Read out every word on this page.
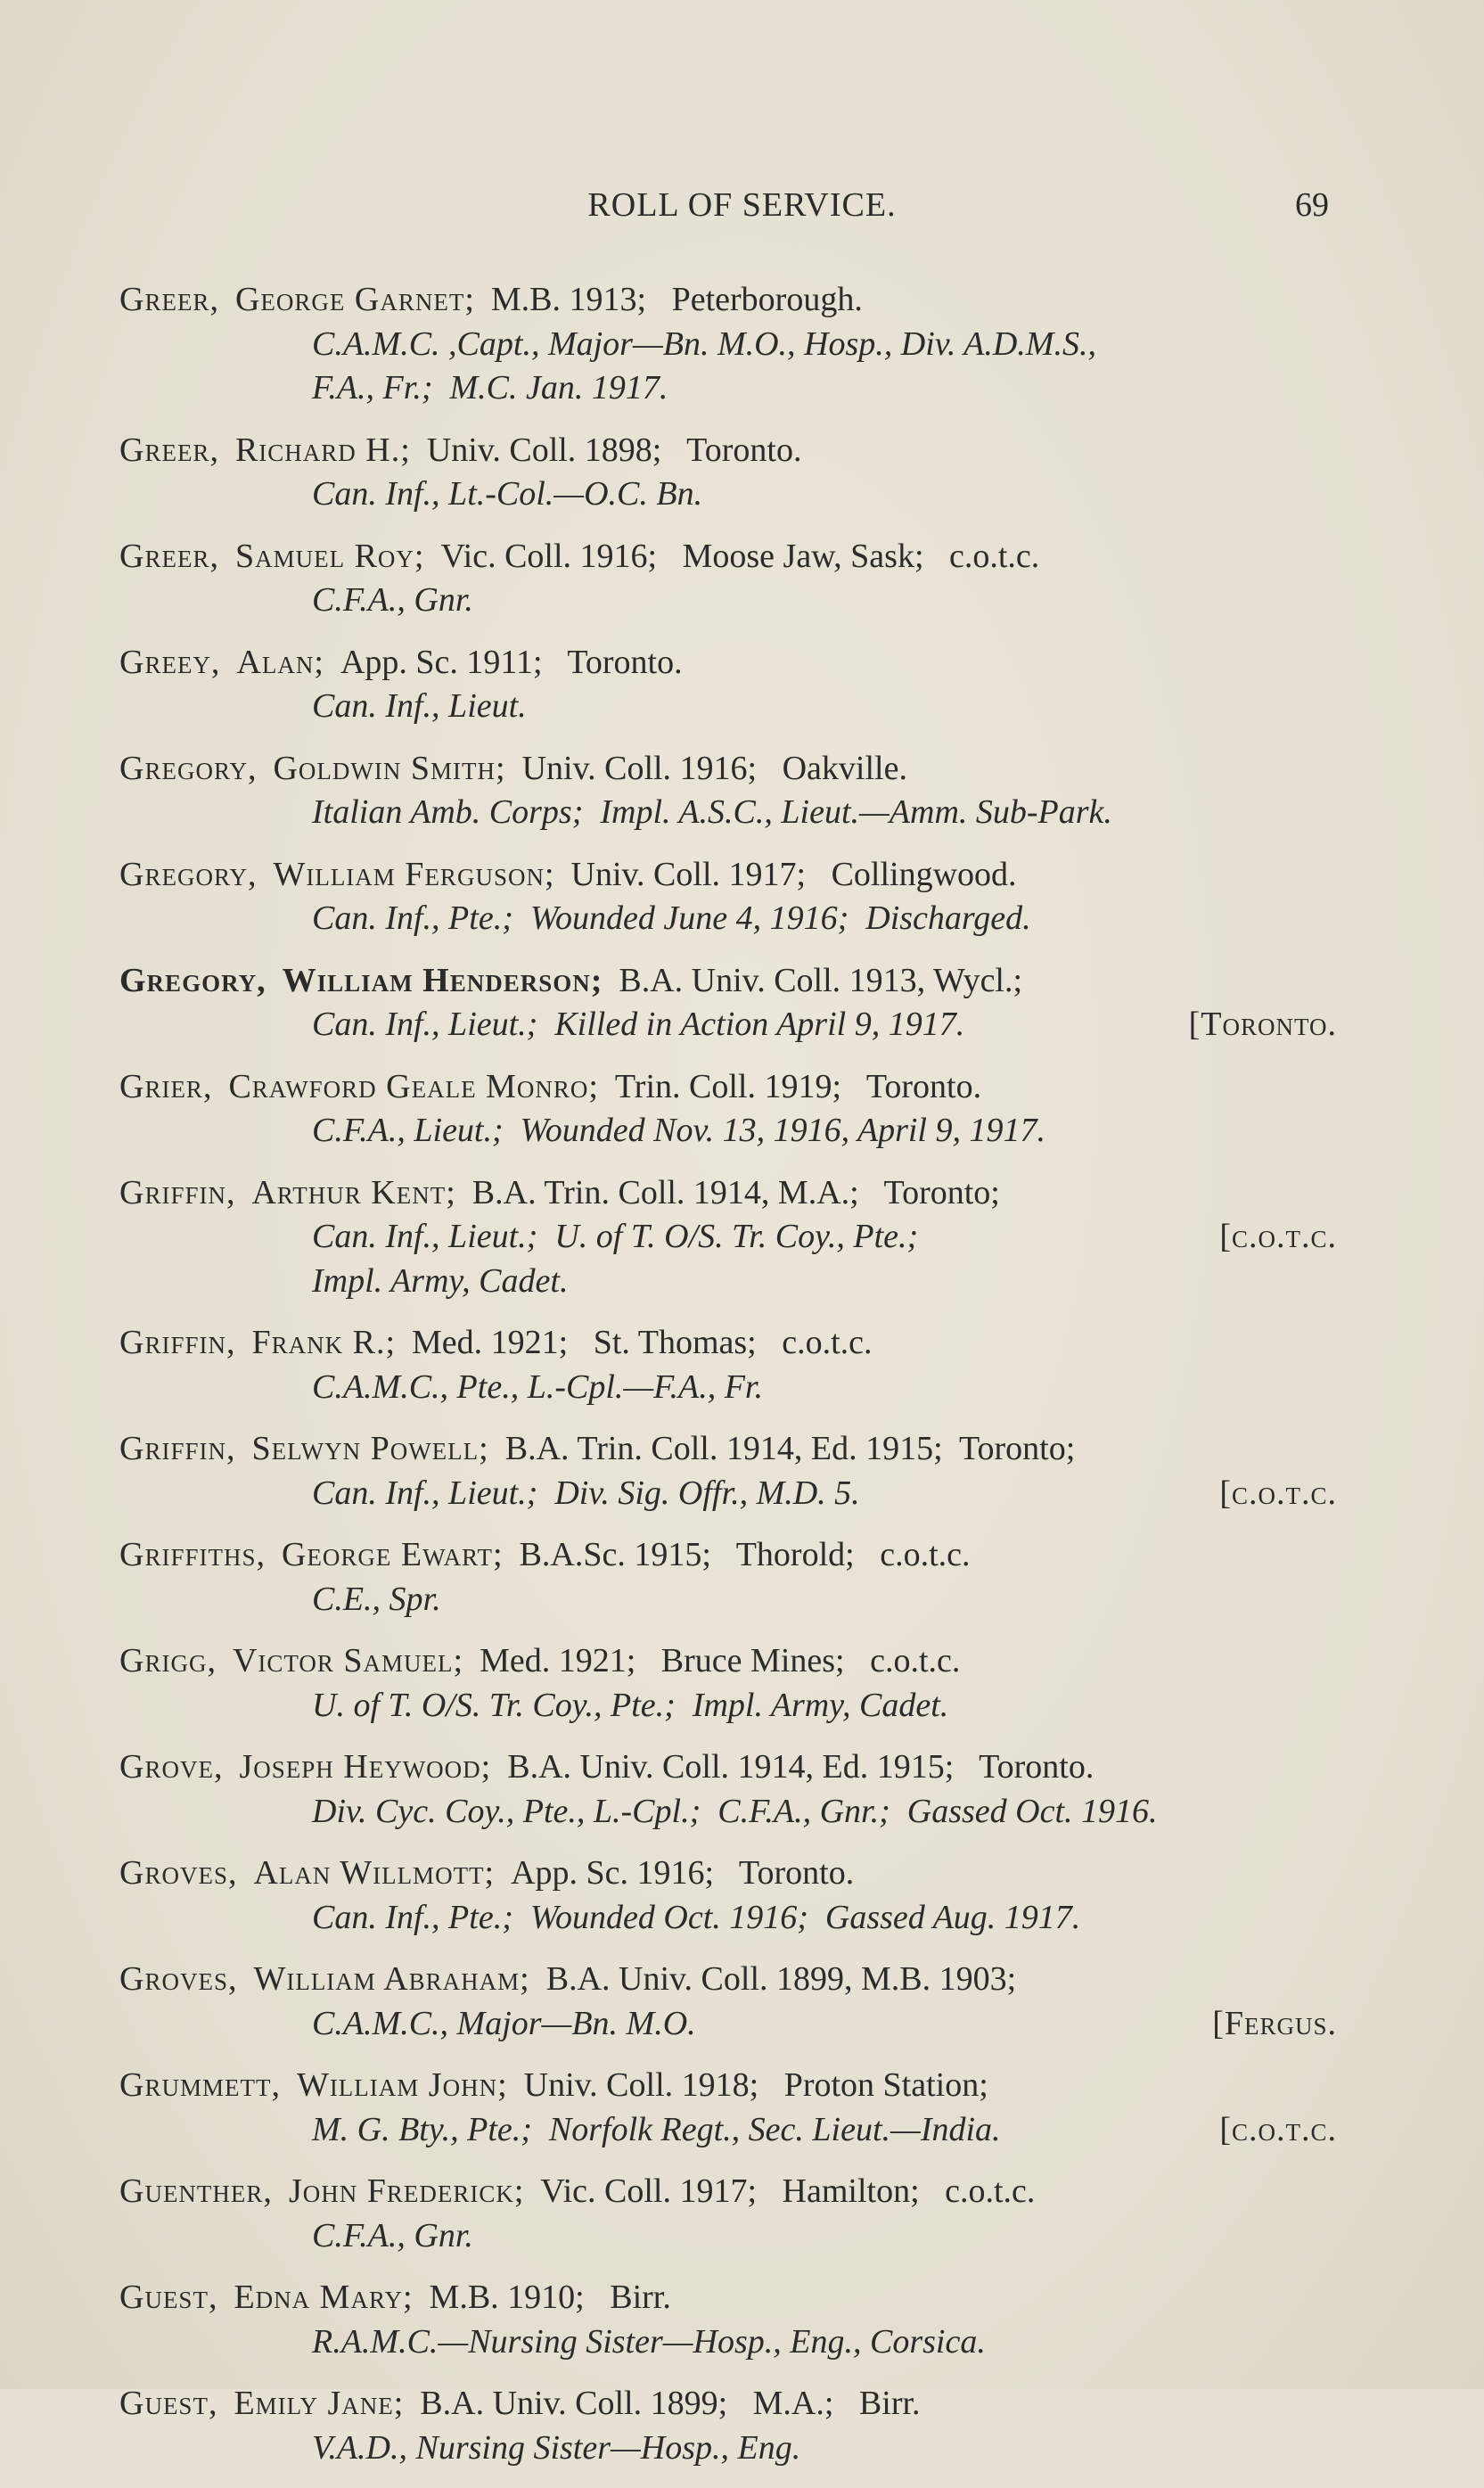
ROLL OF SERVICE.	69
Greer, George Garnet; M.B. 1913;   Peterborough.
C.A.M.C. ,Capt., Major—Bn. M.O., Hosp., Div. A.D.M.S.,
F.A., Fr.;  M.C. Jan. 1917.
Greer, Richard H.; Univ. Coll. 1898;   Toronto.
Can. Inf., Lt.-Col.—O.C. Bn.
Greer, Samuel Roy; Vic. Coll. 1916;   Moose Jaw, Sask;   c.o.t.c.
C.F.A., Gnr.
Greey, Alan; App. Sc. 1911;   Toronto.
Can. Inf., Lieut.
Gregory, Goldwin Smith; Univ. Coll. 1916;   Oakville.
Italian Amb. Corps;  Impl. A.S.C., Lieut.—Amm. Sub-Park.
Gregory, William Ferguson; Univ. Coll. 1917;   Collingwood.
Can. Inf., Pte.;  Wounded June 4, 1916;  Discharged.
Gregory, William Henderson; B.A. Univ. Coll. 1913, Wycl.;
Can. Inf., Lieut.;  Killed in Action April 9, 1917.	[Toronto.
Grier, Crawford Geale Monro; Trin. Coll. 1919;   Toronto.
C.F.A., Lieut.;  Wounded Nov. 13, 1916, April 9, 1917.
Griffin, Arthur Kent; B.A. Trin. Coll. 1914, M.A.;   Toronto;
Can. Inf., Lieut.;  U. of T. O/S. Tr. Coy., Pte.;	[c.o.t.c.
Impl. Army, Cadet.
Griffin, Frank R.; Med. 1921;   St. Thomas;   c.o.t.c.
C.A.M.C., Pte., L.-Cpl.—F.A., Fr.
Griffin, Selwyn Powell; B.A. Trin. Coll. 1914, Ed. 1915;  Toronto;
Can. Inf., Lieut.;  Div. Sig. Offr., M.D. 5.	[c.o.t.c.
Griffiths, George Ewart; B.A.Sc. 1915;   Thorold;   c.o.t.c.
C.E., Spr.
Grigg, Victor Samuel; Med. 1921;   Bruce Mines;   c.o.t.c.
U. of T. O/S. Tr. Coy., Pte.;  Impl. Army, Cadet.
Grove, Joseph Heywood; B.A. Univ. Coll. 1914, Ed. 1915;   Toronto.
Div. Cyc. Coy., Pte., L.-Cpl.;  C.F.A., Gnr.;  Gassed Oct. 1916.
Groves, Alan Willmott; App. Sc. 1916;   Toronto.
Can. Inf., Pte.;  Wounded Oct. 1916;  Gassed Aug. 1917.
Groves, William Abraham; B.A. Univ. Coll. 1899, M.B. 1903;
C.A.M.C., Major—Bn. M.O.	[Fergus.
Grummett, William John; Univ. Coll. 1918;   Proton Station;
M. G. Bty., Pte.;  Norfolk Regt., Sec. Lieut.—India.	[c.o.t.c.
Guenther, John Frederick; Vic. Coll. 1917;   Hamilton;   c.o.t.c.
C.F.A., Gnr.
Guest, Edna Mary; M.B. 1910;   Birr.
R.A.M.C.—Nursing Sister—Hosp., Eng., Corsica.
Guest, Emily Jane; B.A. Univ. Coll. 1899;   M.A.;   Birr.
V.A.D., Nursing Sister—Hosp., Eng.
